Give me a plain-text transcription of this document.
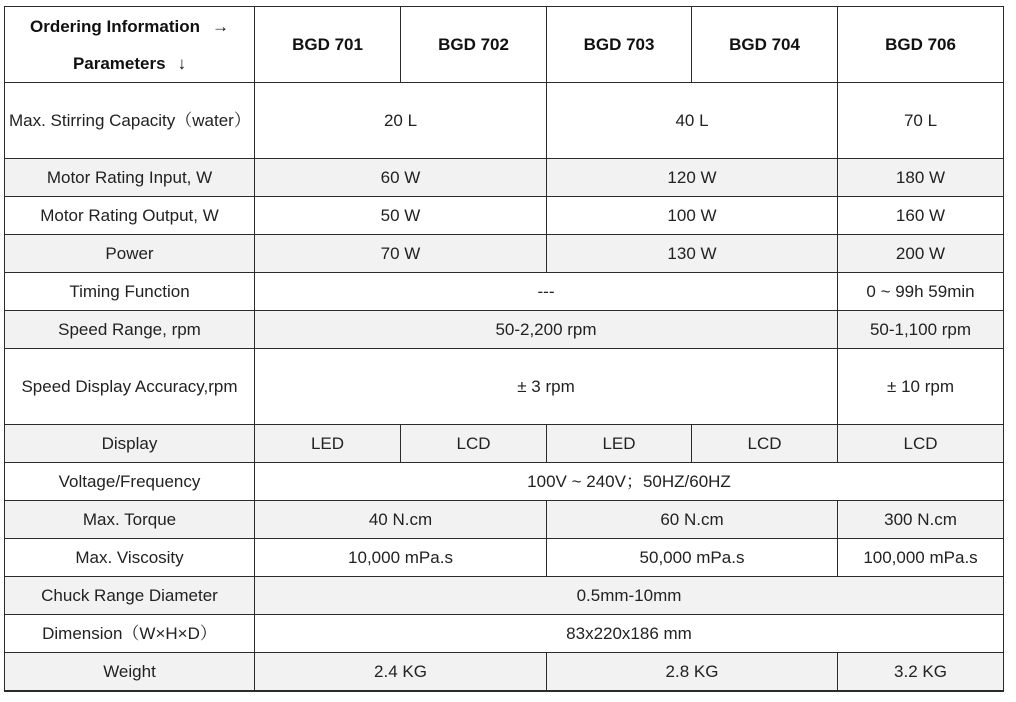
Ordering Information →
Parameters ↓	BGD 701	BGD 702	BGD 703	BGD 704	BGD 706
Max. Stirring Capacity（water）	20 L		40 L		70 L
Motor Rating Input, W	60 W		120 W		180 W
Motor Rating Output, W	50 W		100 W		160 W
Power	70 W		130 W		200 W
Timing Function	---				0 ~ 99h 59min
Speed Range, rpm	50-2,200 rpm				50-1,100 rpm
Speed Display Accuracy,rpm	± 3 rpm				± 10 rpm
Display	LED	LCD	LED	LCD	LCD
Voltage/Frequency	100V ~ 240V；50HZ/60HZ				
Max. Torque	40 N.cm		60 N.cm		300 N.cm
Max. Viscosity	10,000 mPa.s		50,000 mPa.s		100,000 mPa.s
Chuck Range Diameter	0.5mm-10mm				
Dimension（W×H×D）	83x220x186 mm				
Weight	2.4 KG		2.8 KG		3.2 KG
